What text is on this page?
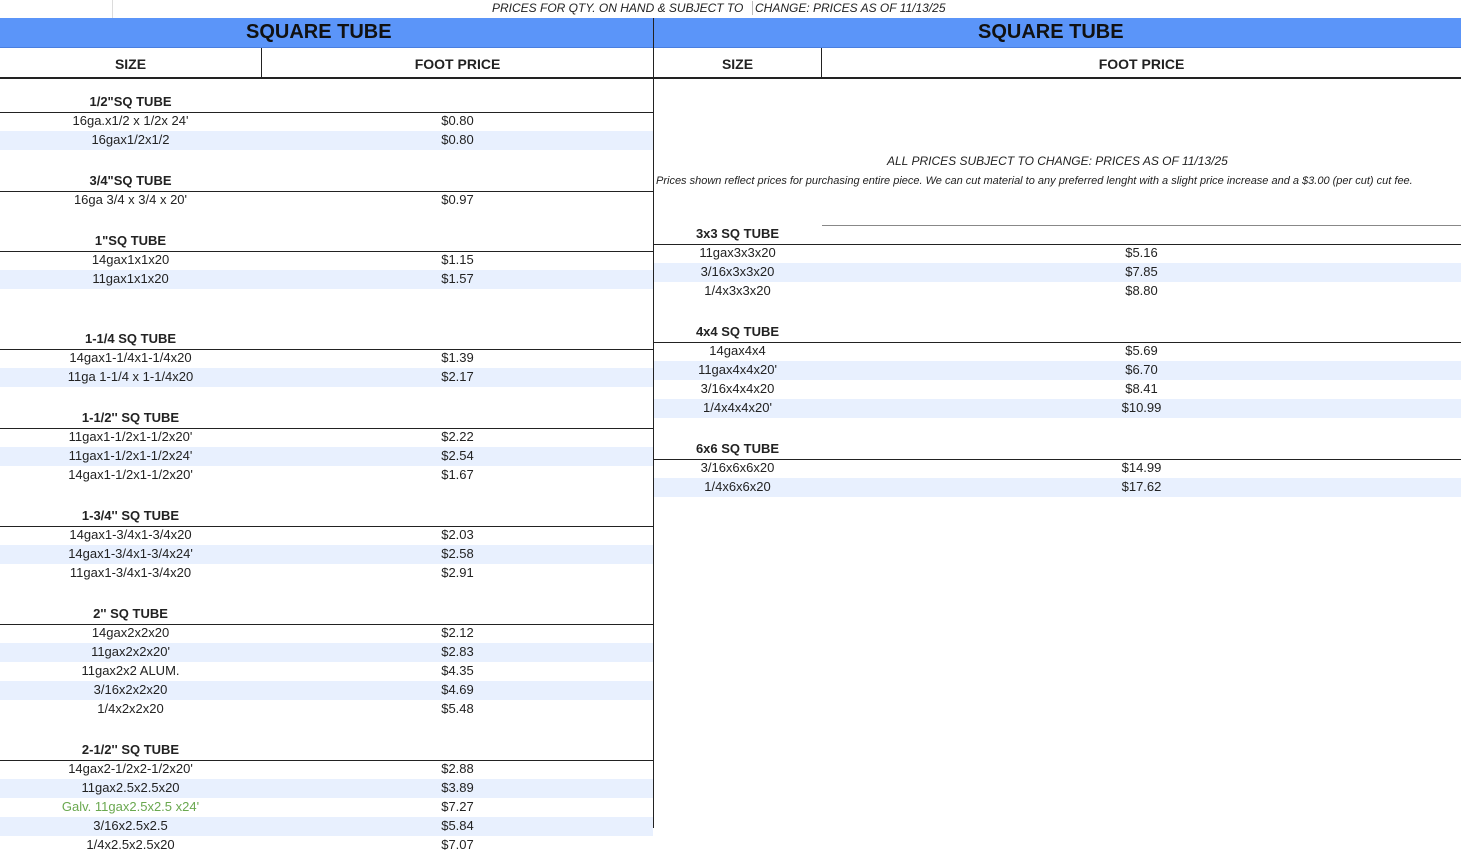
PRICES FOR QTY. ON HAND & SUBJECT TO CHANGE: PRICES AS OF 11/13/25
SQUARE TUBE	SQUARE TUBE
SIZE	FOOT PRICE	SIZE	FOOT PRICE
1/2"SQ TUBE
16ga.x1/2 x 1/2x 24'	$0.80
16gax1/2x1/2	$0.80
3/4"SQ TUBE
16ga 3/4 x 3/4 x 20'	$0.97
1"SQ TUBE
14gax1x1x20	$1.15
11gax1x1x20	$1.57
1-1/4 SQ TUBE
14gax1-1/4x1-1/4x20	$1.39
11ga 1-1/4 x 1-1/4x20	$2.17
1-1/2'' SQ TUBE
11gax1-1/2x1-1/2x20'	$2.22
11gax1-1/2x1-1/2x24'	$2.54
14gax1-1/2x1-1/2x20'	$1.67
1-3/4'' SQ TUBE
14gax1-3/4x1-3/4x20	$2.03
14gax1-3/4x1-3/4x24'	$2.58
11gax1-3/4x1-3/4x20	$2.91
2'' SQ TUBE
14gax2x2x20	$2.12
11gax2x2x20'	$2.83
11gax2x2 ALUM.	$4.35
3/16x2x2x20	$4.69
1/4x2x2x20	$5.48
2-1/2'' SQ TUBE
14gax2-1/2x2-1/2x20'	$2.88
11gax2.5x2.5x20	$3.89
Galv. 11gax2.5x2.5 x24'	$7.27
3/16x2.5x2.5	$5.84
1/4x2.5x2.5x20	$7.07
3x3 SQ TUBE
11gax3x3x20	$5.16
3/16x3x3x20	$7.85
1/4x3x3x20	$8.80
4x4 SQ TUBE
14gax4x4	$5.69
11gax4x4x20'	$6.70
3/16x4x4x20	$8.41
1/4x4x4x20'	$10.99
6x6 SQ TUBE
3/16x6x6x20	$14.99
1/4x6x6x20	$17.62
ALL PRICES SUBJECT TO CHANGE: PRICES AS OF 11/13/25
Prices shown reflect prices for purchasing entire piece. We can cut material to any preferred lenght with a slight price increase and a $3.00 (per cut) cut fee.
